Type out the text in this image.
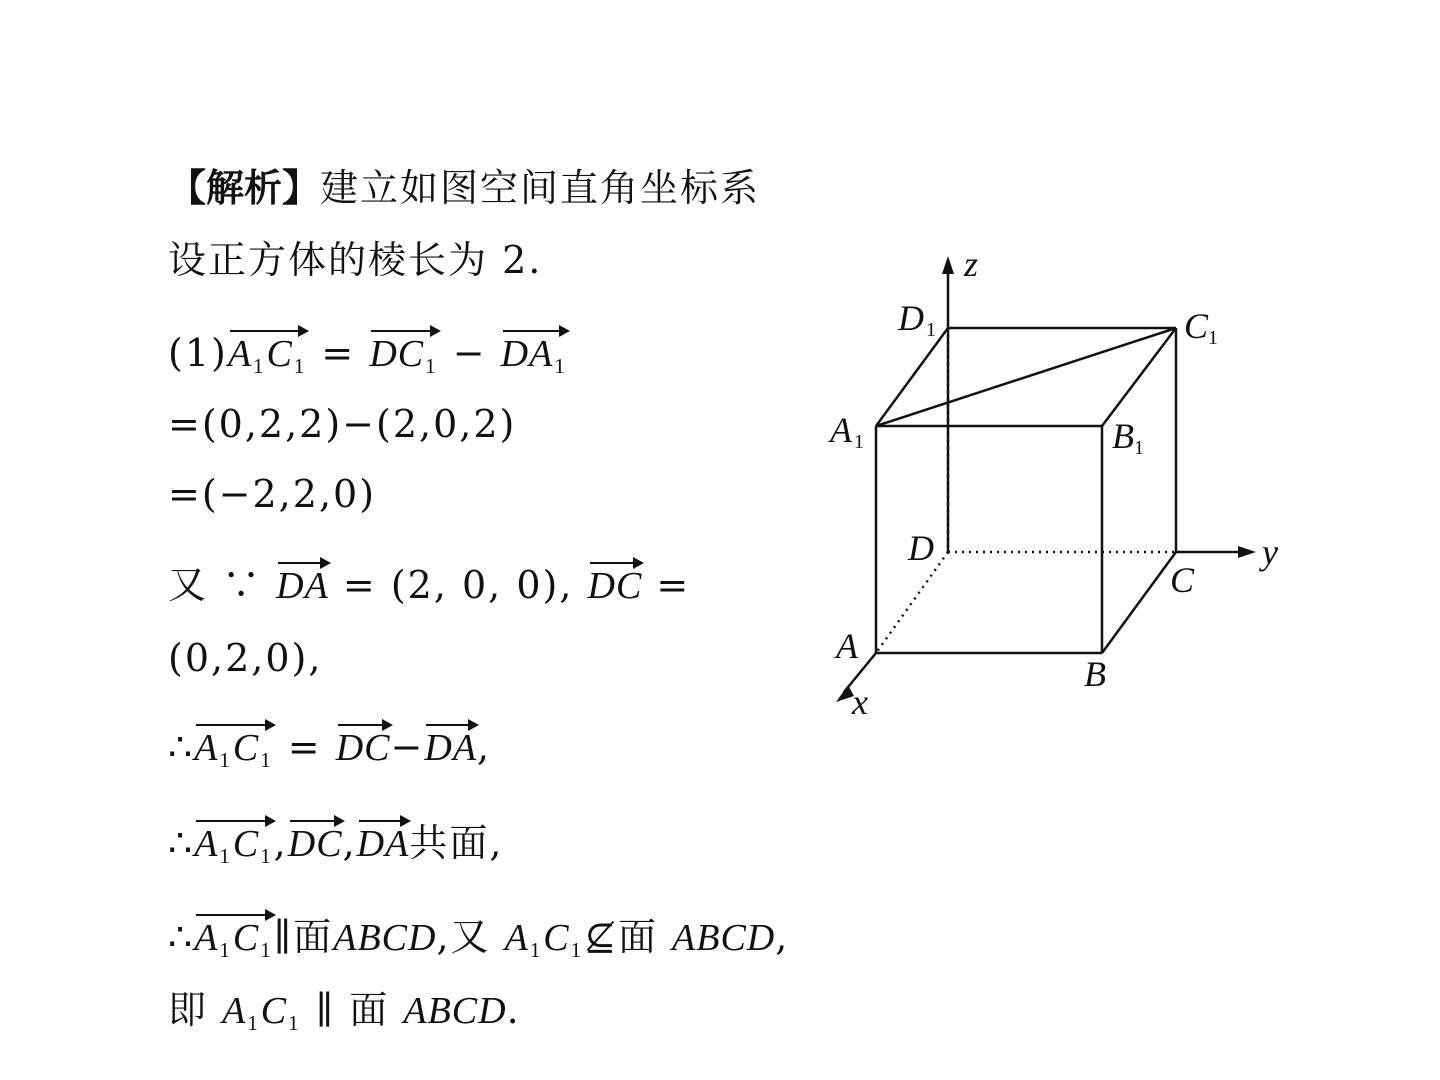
【解析】建立如图空间直角坐标系
设正方体的棱长为 2.
$(1)A_1C_1 = DC_1 - DA_1$
=(0,2,2)−(2,0,2)
=(−2,2,0)
又 ∵ DA = (2, 0, 0), DC =
(0,2,0),
$\therefore A_1C_1 = DC-DA$,
$\therefore A_1C_1,DC,DA$共面,
$\therefore A_1C_1\parallel$面ABCD,又 $A_1C_1⊈$面 ABCD,
即 $A_1C_1$ ∥ 面 ABCD.
z
y
x
D 1	C 1
A 1	B 1
D
C
A
B
